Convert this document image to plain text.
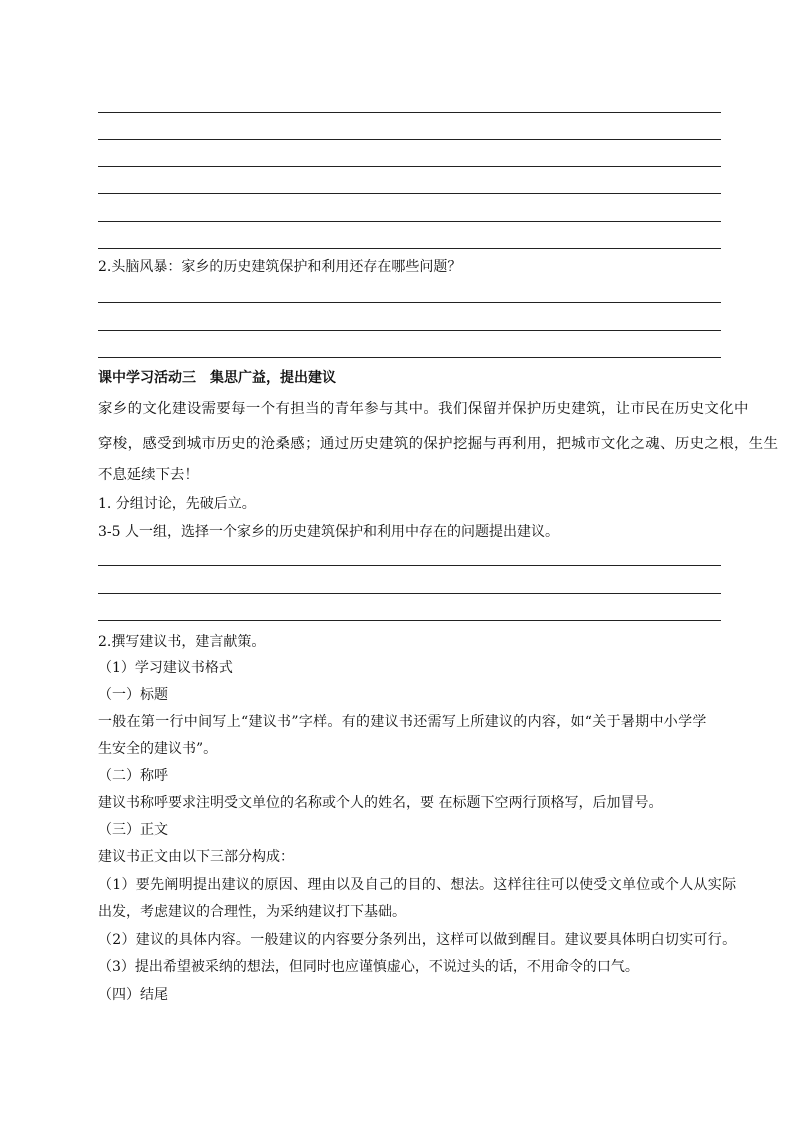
2.头脑风暴：家乡的历史建筑保护和利用还存在哪些问题？
课中学习活动三　集思广益，提出建议
家乡的文化建设需要每一个有担当的青年参与其中。我们保留并保护历史建筑，让市民在历史文化中
穿梭，感受到城市历史的沧桑感；通过历史建筑的保护挖掘与再利用，把城市文化之魂、历史之根，生生
不息延续下去！
1. 分组讨论，先破后立。
3-5 人一组，选择一个家乡的历史建筑保护和利用中存在的问题提出建议。
2.撰写建议书，建言献策。
（1）学习建议书格式
（一）标题
一般在第一行中间写上“建议书”字样。有的建议书还需写上所建议的内容，如“关于暑期中小学学
生安全的建议书”。
（二）称呼
建议书称呼要求注明受文单位的名称或个人的姓名，要 在标题下空两行顶格写，后加冒号。
（三）正文
建议书正文由以下三部分构成：
（1）要先阐明提出建议的原因、理由以及自己的目的、想法。这样往往可以使受文单位或个人从实际
出发，考虑建议的合理性，为采纳建议打下基础。
（2）建议的具体内容。一般建议的内容要分条列出，这样可以做到醒目。建议要具体明白切实可行。
（3）提出希望被采纳的想法，但同时也应谨慎虚心，不说过头的话，不用命令的口气。
（四）结尾
